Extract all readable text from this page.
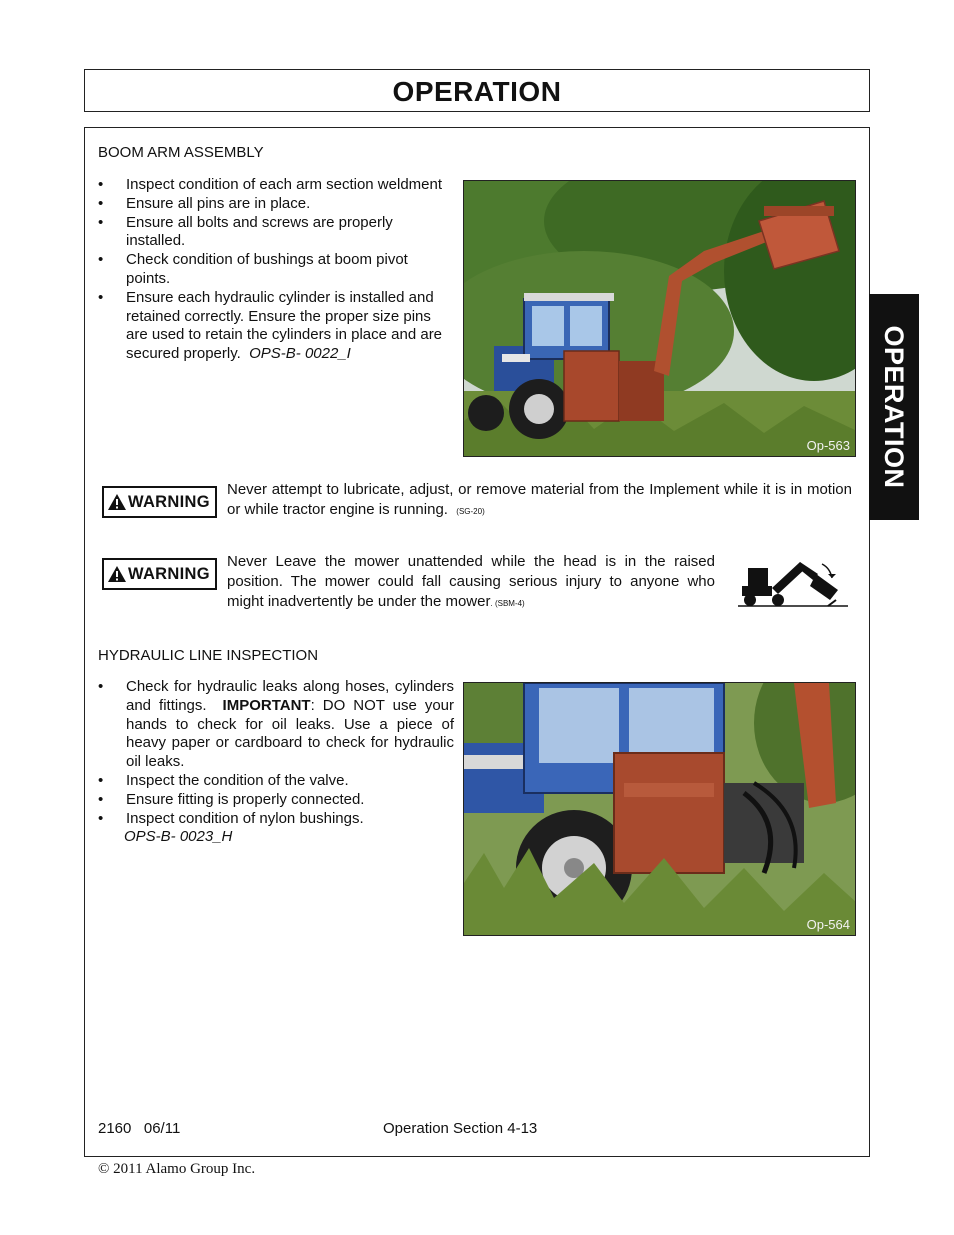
OPERATION
OPERATION
BOOM ARM ASSEMBLY
• Inspect condition of each arm section weldment
• Ensure all pins are in place.
• Ensure all bolts and screws are properly installed.
• Check condition of bushings at boom pivot points.
• Ensure each hydraulic cylinder is installed and retained correctly. Ensure the proper size pins are used to retain the cylinders in place and are secured properly. OPS-B- 0022_I
Op-563
WARNING
Never attempt to lubricate, adjust, or remove material from the Implement while it is in motion or while tractor engine is running. (SG-20)
WARNING
Never Leave the mower unattended while the head is in the raised position. The mower could fall causing serious injury to anyone who might inadvertently be under the mower. (SBM-4)
HYDRAULIC LINE INSPECTION
• Check for hydraulic leaks along hoses, cylinders and fittings. IMPORTANT: DO NOT use your hands to check for oil leaks. Use a piece of heavy paper or cardboard to check for hydraulic oil leaks.
• Inspect the condition of the valve.
• Ensure fitting is properly connected.
• Inspect condition of nylon bushings.
OPS-B- 0023_H
Op-564
2160   06/11	Operation Section 4-13
© 2011 Alamo Group Inc.
